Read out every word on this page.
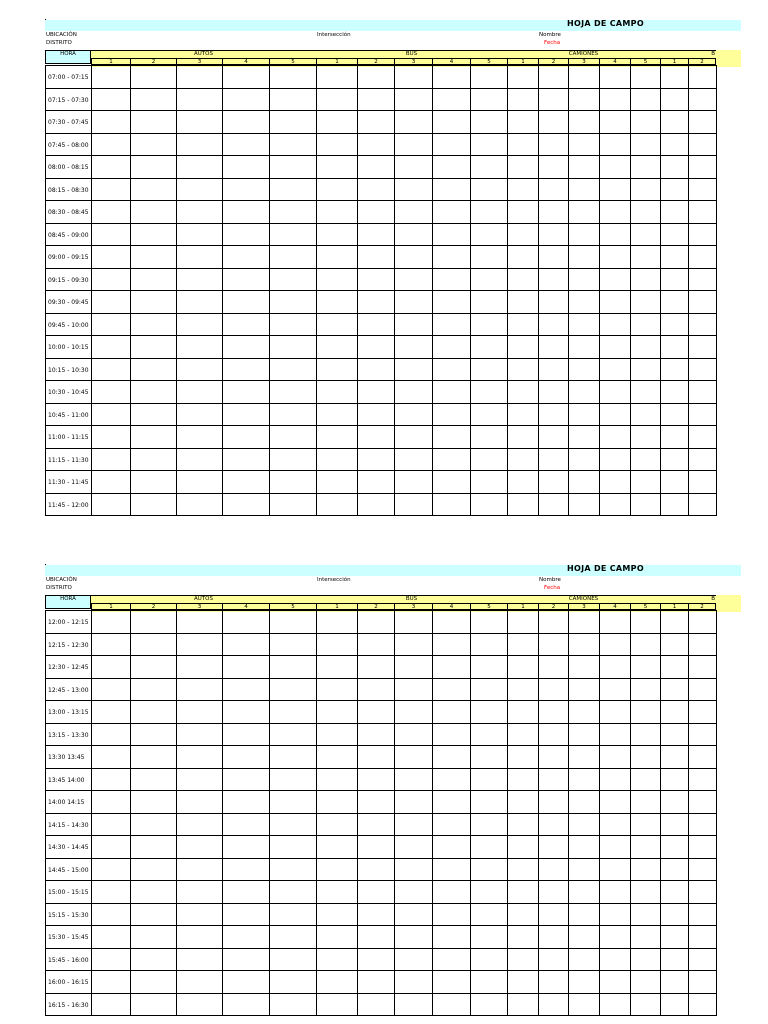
HOJA DE CAMPO
UBICACIÓN
DISTRITO
Intersección	Nombre
Fecha
HORA	AUTOS	BUS	CAMIONES	B
1	2	3	4	5	1	2	3	4	5	1	2	3	4	5	1	2
07:00 - 07:15																	
07:15 - 07:30																	
07:30 - 07:45																	
07:45 - 08:00																	
08:00 - 08:15																	
08:15 - 08:30																	
08:30 - 08:45																	
08:45 - 09:00																	
09:00 - 09:15																	
09:15 - 09:30																	
09:30 - 09:45																	
09:45 - 10:00																	
10:00 - 10:15																	
10:15 - 10:30																	
10:30 - 10:45																	
10:45 - 11:00																	
11:00 - 11:15																	
11:15 - 11:30																	
11:30 - 11:45																	
11:45 - 12:00																	
HOJA DE CAMPO
UBICACIÓN
DISTRITO
Intersección	Nombre
Fecha
HORA	AUTOS	BUS	CAMIONES	B
1	2	3	4	5	1	2	3	4	5	1	2	3	4	5	1	2
12:00 - 12:15																	
12:15 - 12:30																	
12:30 - 12:45																	
12:45 - 13:00																	
13:00 - 13:15																	
13:15 - 13:30																	
13:30 13:45																	
13:45 14:00																	
14:00 14:15																	
14:15 - 14:30																	
14:30 - 14:45																	
14:45 - 15:00																	
15:00 - 15:15																	
15:15 - 15:30																	
15:30 - 15:45																	
15:45 - 16:00																	
16:00 - 16:15																	
16:15 - 16:30																	
